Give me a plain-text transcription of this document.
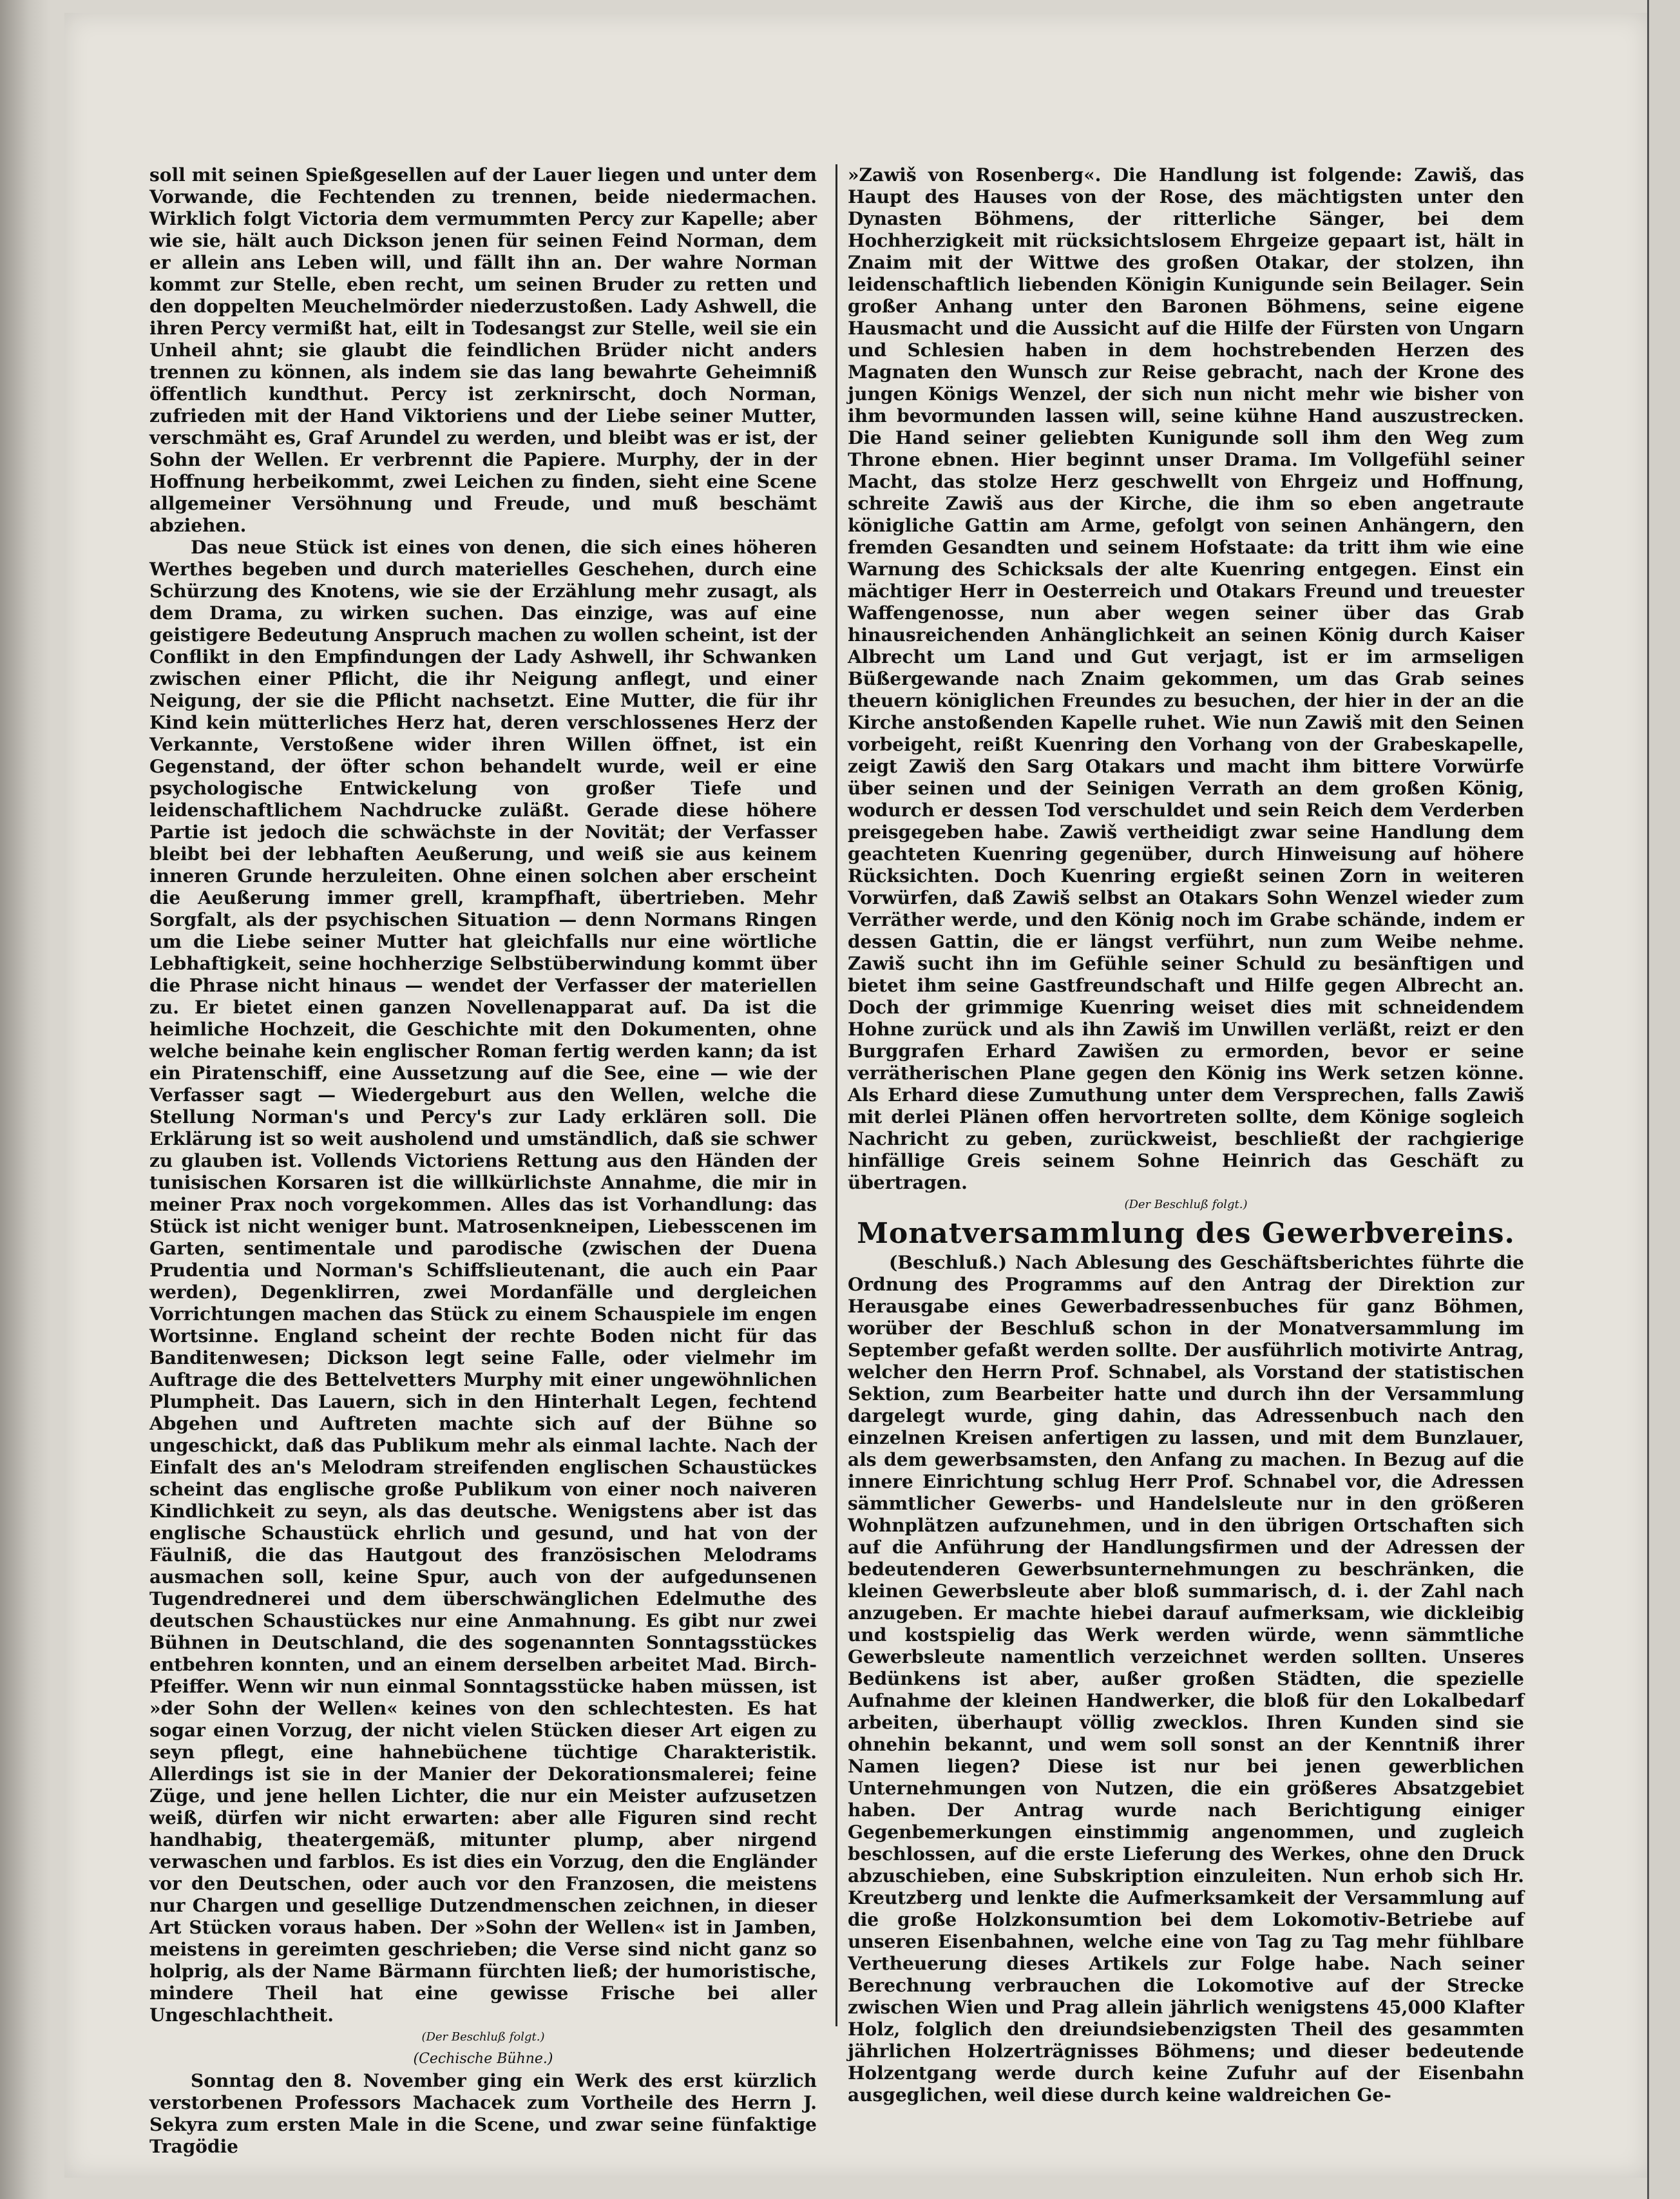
soll mit seinen Spießgesellen auf der Lauer liegen und unter dem Vorwande, die Fechtenden zu trennen, beide niedermachen. Wirklich folgt Victoria dem vermummten Percy zur Kapelle; aber wie sie, hält auch Dickson jenen für seinen Feind Norman, dem er allein ans Leben will, und fällt ihn an. Der wahre Norman kommt zur Stelle, eben recht, um seinen Bruder zu retten und den doppelten Meuchelmörder niederzustoßen. Lady Ashwell, die ihren Percy vermißt hat, eilt in Todesangst zur Stelle, weil sie ein Unheil ahnt; sie glaubt die feindlichen Brüder nicht anders trennen zu können, als indem sie das lang bewahrte Geheimniß öffentlich kundthut. Percy ist zerknirscht, doch Norman, zufrieden mit der Hand Viktoriens und der Liebe seiner Mutter, verschmäht es, Graf Arundel zu werden, und bleibt was er ist, der Sohn der Wellen. Er verbrennt die Papiere. Murphy, der in der Hoffnung herbeikommt, zwei Leichen zu finden, sieht eine Scene allgemeiner Versöhnung und Freude, und muß beschämt abziehen.

Das neue Stück ist eines von denen, die sich eines höheren Werthes begeben und durch materielles Geschehen, durch eine Schürzung des Knotens, wie sie der Erzählung mehr zusagt, als dem Drama, zu wirken suchen. Das einzige, was auf eine geistigere Bedeutung Anspruch machen zu wollen scheint, ist der Conflikt in den Empfindungen der Lady Ashwell, ihr Schwanken zwischen einer Pflicht, die ihr Neigung anflegt, und einer Neigung, der sie die Pflicht nachsetzt. Eine Mutter, die für ihr Kind kein mütterliches Herz hat, deren verschlossenes Herz der Verkannte, Verstoßene wider ihren Willen öffnet, ist ein Gegenstand, der öfter schon behandelt wurde, weil er eine psychologische Entwickelung von großer Tiefe und leidenschaftlichem Nachdrucke zuläßt. Gerade diese höhere Partie ist jedoch die schwächste in der Novität; der Verfasser bleibt bei der lebhaften Aeußerung, und weiß sie aus keinem inneren Grunde herzuleiten. Ohne einen solchen aber erscheint die Aeußerung immer grell, krampfhaft, übertrieben. Mehr Sorgfalt, als der psychischen Situation — denn Normans Ringen um die Liebe seiner Mutter hat gleichfalls nur eine wörtliche Lebhaftigkeit, seine hochherzige Selbstüberwindung kommt über die Phrase nicht hinaus — wendet der Verfasser der materiellen zu. Er bietet einen ganzen Novellenapparat auf. Da ist die heimliche Hochzeit, die Geschichte mit den Dokumenten, ohne welche beinahe kein englischer Roman fertig werden kann; da ist ein Piratenschiff, eine Aussetzung auf die See, eine — wie der Verfasser sagt — Wiedergeburt aus den Wellen, welche die Stellung Norman's und Percy's zur Lady erklären soll. Die Erklärung ist so weit ausholend und umständlich, daß sie schwer zu glauben ist. Vollends Victoriens Rettung aus den Händen der tunisischen Korsaren ist die willkürlichste Annahme, die mir in meiner Prax noch vorgekommen. Alles das ist Vorhandlung: das Stück ist nicht weniger bunt. Matrosenkneipen, Liebesscenen im Garten, sentimentale und parodische (zwischen der Duena Prudentia und Norman's Schiffslieutenant, die auch ein Paar werden), Degenklirren, zwei Mordanfälle und dergleichen Vorrichtungen machen das Stück zu einem Schauspiele im engen Wortsinne. England scheint der rechte Boden nicht für das Banditenwesen; Dickson legt seine Falle, oder vielmehr im Auftrage die des Bettelvetters Murphy mit einer ungewöhnlichen Plumpheit. Das Lauern, sich in den Hinterhalt Legen, fechtend Abgehen und Auftreten machte sich auf der Bühne so ungeschickt, daß das Publikum mehr als einmal lachte. Nach der Einfalt des an's Melodram streifenden englischen Schaustückes scheint das englische große Publikum von einer noch naiveren Kindlichkeit zu seyn, als das deutsche. Wenigstens aber ist das englische Schaustück ehrlich und gesund, und hat von der Fäulniß, die das Hautgout des französischen Melodrams ausmachen soll, keine Spur, auch von der aufgedunsenen Tugendrednerei und dem überschwänglichen Edelmuthe des deutschen Schaustückes nur eine Anmahnung. Es gibt nur zwei Bühnen in Deutschland, die des sogenannten Sonntagsstückes entbehren konnten, und an einem derselben arbeitet Mad. Birch-Pfeiffer. Wenn wir nun einmal Sonntagsstücke haben müssen, ist »der Sohn der Wellen« keines von den schlechtesten. Es hat sogar einen Vorzug, der nicht vielen Stücken dieser Art eigen zu seyn pflegt, eine hahnebüchene tüchtige Charakteristik. Allerdings ist sie in der Manier der Dekorationsmalerei; feine Züge, und jene hellen Lichter, die nur ein Meister aufzusetzen weiß, dürfen wir nicht erwarten: aber alle Figuren sind recht handhabig, theatergemäß, mitunter plump, aber nirgend verwaschen und farblos. Es ist dies ein Vorzug, den die Engländer vor den Deutschen, oder auch vor den Franzosen, die meistens nur Chargen und gesellige Dutzendmenschen zeichnen, in dieser Art Stücken voraus haben. Der »Sohn der Wellen« ist in Jamben, meistens in gereimten geschrieben; die Verse sind nicht ganz so holprig, als der Name Bärmann fürchten ließ; der humoristische, mindere Theil hat eine gewisse Frische bei aller Ungeschlachtheit.

(Der Beschluß folgt.)

(Cechische Bühne.)

Sonntag den 8. November ging ein Werk des erst kürzlich verstorbenen Professors Machacek zum Vortheile des Herrn J. Sekyra zum ersten Male in die Scene, und zwar seine fünfaktige Tragödie

»Zawiš von Rosenberg«. Die Handlung ist folgende: Zawiš, das Haupt des Hauses von der Rose, des mächtigsten unter den Dynasten Böhmens, der ritterliche Sänger, bei dem Hochherzigkeit mit rücksichtslosem Ehrgeize gepaart ist, hält in Znaim mit der Wittwe des großen Otakar, der stolzen, ihn leidenschaftlich liebenden Königin Kunigunde sein Beilager. Sein großer Anhang unter den Baronen Böhmens, seine eigene Hausmacht und die Aussicht auf die Hilfe der Fürsten von Ungarn und Schlesien haben in dem hochstrebenden Herzen des Magnaten den Wunsch zur Reise gebracht, nach der Krone des jungen Königs Wenzel, der sich nun nicht mehr wie bisher von ihm bevormunden lassen will, seine kühne Hand auszustrecken. Die Hand seiner geliebten Kunigunde soll ihm den Weg zum Throne ebnen. Hier beginnt unser Drama. Im Vollgefühl seiner Macht, das stolze Herz geschwellt von Ehrgeiz und Hoffnung, schreite Zawiš aus der Kirche, die ihm so eben angetraute königliche Gattin am Arme, gefolgt von seinen Anhängern, den fremden Gesandten und seinem Hofstaate: da tritt ihm wie eine Warnung des Schicksals der alte Kuenring entgegen. Einst ein mächtiger Herr in Oesterreich und Otakars Freund und treuester Waffengenosse, nun aber wegen seiner über das Grab hinausreichenden Anhänglichkeit an seinen König durch Kaiser Albrecht um Land und Gut verjagt, ist er im armseligen Büßergewande nach Znaim gekommen, um das Grab seines theuern königlichen Freundes zu besuchen, der hier in der an die Kirche anstoßenden Kapelle ruhet. Wie nun Zawiš mit den Seinen vorbeigeht, reißt Kuenring den Vorhang von der Grabeskapelle, zeigt Zawiš den Sarg Otakars und macht ihm bittere Vorwürfe über seinen und der Seinigen Verrath an dem großen König, wodurch er dessen Tod verschuldet und sein Reich dem Verderben preisgegeben habe. Zawiš vertheidigt zwar seine Handlung dem geachteten Kuenring gegenüber, durch Hinweisung auf höhere Rücksichten. Doch Kuenring ergießt seinen Zorn in weiteren Vorwürfen, daß Zawiš selbst an Otakars Sohn Wenzel wieder zum Verräther werde, und den König noch im Grabe schände, indem er dessen Gattin, die er längst verführt, nun zum Weibe nehme. Zawiš sucht ihn im Gefühle seiner Schuld zu besänftigen und bietet ihm seine Gastfreundschaft und Hilfe gegen Albrecht an. Doch der grimmige Kuenring weiset dies mit schneidendem Hohne zurück und als ihn Zawiš im Unwillen verläßt, reizt er den Burggrafen Erhard Zawišen zu ermorden, bevor er seine verrätherischen Plane gegen den König ins Werk setzen könne. Als Erhard diese Zumuthung unter dem Versprechen, falls Zawiš mit derlei Plänen offen hervortreten sollte, dem Könige sogleich Nachricht zu geben, zurückweist, beschließt der rachgierige hinfällige Greis seinem Sohne Heinrich das Geschäft zu übertragen.

(Der Beschluß folgt.)

Monatversammlung des Gewerbvereins.

(Beschluß.) Nach Ablesung des Geschäftsberichtes führte die Ordnung des Programms auf den Antrag der Direktion zur Herausgabe eines Gewerbadressenbuches für ganz Böhmen, worüber der Beschluß schon in der Monatversammlung im September gefaßt werden sollte. Der ausführlich motivirte Antrag, welcher den Herrn Prof. Schnabel, als Vorstand der statistischen Sektion, zum Bearbeiter hatte und durch ihn der Versammlung dargelegt wurde, ging dahin, das Adressenbuch nach den einzelnen Kreisen anfertigen zu lassen, und mit dem Bunzlauer, als dem gewerbsamsten, den Anfang zu machen. In Bezug auf die innere Einrichtung schlug Herr Prof. Schnabel vor, die Adressen sämmtlicher Gewerbs- und Handelsleute nur in den größeren Wohnplätzen aufzunehmen, und in den übrigen Ortschaften sich auf die Anführung der Handlungsfirmen und der Adressen der bedeutenderen Gewerbsunternehmungen zu beschränken, die kleinen Gewerbsleute aber bloß summarisch, d. i. der Zahl nach anzugeben. Er machte hiebei darauf aufmerksam, wie dickleibig und kostspielig das Werk werden würde, wenn sämmtliche Gewerbsleute namentlich verzeichnet werden sollten. Unseres Bedünkens ist aber, außer großen Städten, die spezielle Aufnahme der kleinen Handwerker, die bloß für den Lokalbedarf arbeiten, überhaupt völlig zwecklos. Ihren Kunden sind sie ohnehin bekannt, und wem soll sonst an der Kenntniß ihrer Namen liegen? Diese ist nur bei jenen gewerblichen Unternehmungen von Nutzen, die ein größeres Absatzgebiet haben. Der Antrag wurde nach Berichtigung einiger Gegenbemerkungen einstimmig angenommen, und zugleich beschlossen, auf die erste Lieferung des Werkes, ohne den Druck abzuschieben, eine Subskription einzuleiten. Nun erhob sich Hr. Kreutzberg und lenkte die Aufmerksamkeit der Versammlung auf die große Holzkonsumtion bei dem Lokomotiv-Betriebe auf unseren Eisenbahnen, welche eine von Tag zu Tag mehr fühlbare Vertheuerung dieses Artikels zur Folge habe. Nach seiner Berechnung verbrauchen die Lokomotive auf der Strecke zwischen Wien und Prag allein jährlich wenigstens 45,000 Klafter Holz, folglich den dreiundsiebenzigsten Theil des gesammten jährlichen Holzerträgnisses Böhmens; und dieser bedeutende Holzentgang werde durch keine Zufuhr auf der Eisenbahn ausgeglichen, weil diese durch keine waldreichen Ge-
